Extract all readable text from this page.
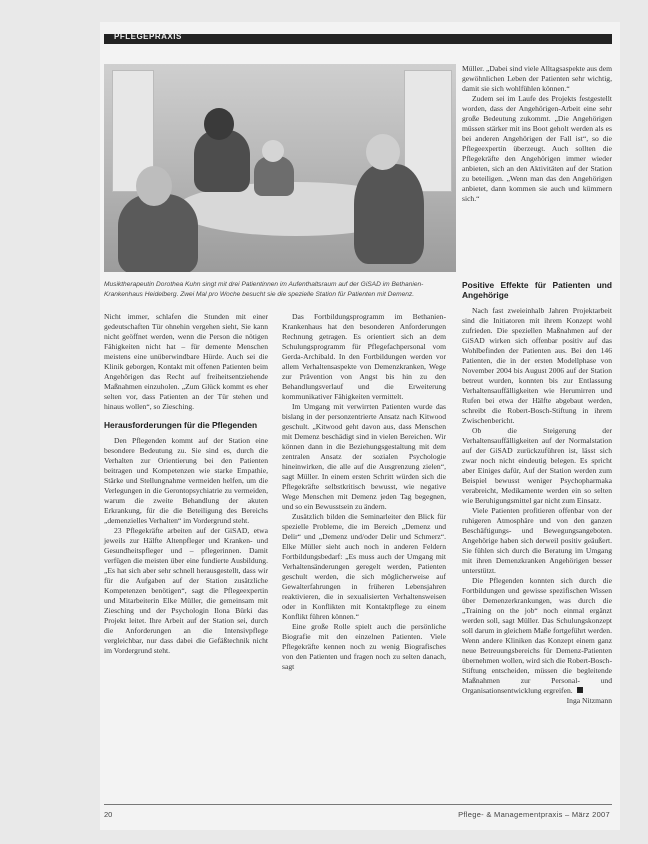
PFLEGEPRAXIS

Müller. „Dabei sind viele Alltagsaspekte aus dem gewöhnlichen Leben der Patienten sehr wichtig, damit sie sich wohlfühlen können.“

Zudem sei im Laufe des Projekts festgestellt worden, dass der Angehörigen-Arbeit eine sehr große Bedeutung zukommt. „Die Angehörigen müssen stärker mit ins Boot geholt werden als es bei anderen Angehörigen der Fall ist“, so die Pflegeexpertin überzeugt. Auch sollten die Pflegekräfte den Angehörigen immer wieder anbieten, sich an den Aktivitäten auf der Station zu beteiligen. „Wenn man das den Angehörigen anbietet, dann kommen sie auch und kümmern sich.“

Musiktherapeutin Dorothea Kuhn singt mit drei Patientinnen im Aufenthaltsraum auf der GiSAD im Bethanien-Krankenhaus Heidelberg. Zwei Mal pro Woche besucht sie die spezielle Station für Patienten mit Demenz.

Nicht immer, schlafen die Stunden mit einer gedeutschaften Tür ohnehin vergehen sieht, Sie kann nicht geöffnet werden, wenn die Person die nötigen Fähigkeiten nicht hat – für demente Menschen meistens eine unüberwindbare Hürde. Auch sei die Klinik geborgen, Kontakt mit offenen Patienten beim Angehörigen das Recht auf freiheitsentziehende Maßnahmen einzuholen. „Zum Glück kommt es eher selten vor, dass Patienten an der Tür stehen und hinaus wollen“, so Ziesching.

Herausforderungen für die Pflegenden

Den Pflegenden kommt auf der Station eine besondere Bedeutung zu. Sie sind es, durch die Verhalten zur Orientierung bei den Patienten beitragen und Kompetenzen wie starke Empathie, Stärke und Stellungnahme vermeiden helfen, um die Verlegungen in die Gerontopsychiatrie zu vermeiden, warum die zweite Behandlung der akuten Erkrankung, für die die Beteiligung des Bereichs „demenzielles Verhalten“ im Vordergrund steht.

23 Pflegekräfte arbeiten auf der GiSAD, etwa jeweils zur Hälfte Altenpfleger und Kranken- und Gesundheitspfleger und – pflegerinnen. Damit verfügen die meisten über eine fundierte Ausbildung. „Es hat sich aber sehr schnell herausgestellt, dass wir für die Aufgaben auf der Station zusätzliche Kompetenzen benötigen“, sagt die Pflegeexpertin und Mitarbeiterin Elke Müller, die gemeinsam mit Ziesching und der Psychologin Ilona Bürki das Projekt leitet. Ihre Arbeit auf der Station sei, durch die Anforderungen an die Intensivpflege vergleichbar, nur dass dabei die Gefäßtechnik nicht im Vordergrund steht.

Das Fortbildungsprogramm im Bethanien-Krankenhaus hat den besonderen Anforderungen Rechnung getragen. Es orientiert sich an dem Schulungsprogramm für Pflegefachpersonal vom Gerda-Archibald. In den Fortbildungen werden vor allem Verhaltensaspekte von Demenzkranken, Wege zur Prävention von Angst bis hin zu den Behandlungsverlauf und die Erweiterung kommunikativer Fähigkeiten vermittelt.

Im Umgang mit verwirrten Patienten wurde das bislang in der personzentrierte Ansatz nach Kitwood geschult. „Kitwood geht davon aus, dass Menschen mit Demenz beschädigt sind in vielen Bereichen. Wir können dann in die Beziehungsgestaltung mit dem zentralen Ansatz der sozialen Psychologie hineinwirken, die alle auf die Ausgrenzung zielen“, sagt Müller. In einem ersten Schritt würden sich die Pflegekräfte selbstkritisch bewusst, wie negative Wege Menschen mit Demenz jeden Tag begegnen, und so ein Bewusstsein zu ändern.

Zusätzlich bilden die Seminarleiter den Blick für spezielle Probleme, die im Bereich „Demenz und Delir“ und „Demenz und/oder Delir und Schmerz“. Elke Müller sieht auch noch in anderen Feldern Fortbildungsbedarf: „Es muss auch der Umgang mit Verhaltensänderungen geregelt werden, Patienten geschult werden, die sich möglicherweise auf Gewalterfahrungen in früheren Lebensjahren reaktivieren, die in sexualisierten Verhaltensweisen oder in Konflikten mit Kontaktpflege zu einem Konflikt führen können.“

Eine große Rolle spielt auch die persönliche Biografie mit den einzelnen Patienten. Viele Pflegekräfte kennen noch zu wenig Biografisches von den Patienten und fragen noch zu selten danach, sagt

Positive Effekte für Patienten und Angehörige

Nach fast zweieinhalb Jahren Projektarbeit sind die Initiatoren mit ihrem Konzept wohl zufrieden. Die speziellen Maßnahmen auf der GiSAD wirken sich offenbar positiv auf das Wohlbefinden der Patienten aus. Bei den 146 Patienten, die in der ersten Modellphase von November 2004 bis August 2006 auf der Station betreut wurden, konnten bis zur Entlassung Verhaltensauffälligkeiten wie Herumirren und Rufen bei etwa der Hälfte abgebaut werden, schreibt die Robert-Bosch-Stiftung in ihrem Zwischenbericht.

Ob die Steigerung der Verhaltensauffälligkeiten auf der Normalstation auf der GiSAD zurückzuführen ist, lässt sich zwar noch nicht eindeutig belegen. Es spricht aber Einiges dafür, Auf der Station werden zum Beispiel bewusst weniger Psychopharmaka verabreicht, Medikamente werden ein so selten wie Beruhigungsmittel gar nicht zum Einsatz.

Viele Patienten profitieren offenbar von der ruhigeren Atmosphäre und von den ganzen Beschäftigungs- und Bewegungsangeboten. Angehörige haben sich derweil positiv geäußert. Sie fühlen sich durch die Beratung im Umgang mit ihren Demenzkranken Angehörigen besser unterstützt.

Die Pflegenden konnten sich durch die Fortbildungen und gewisse spezifischen Wissen über Demenzerkrankungen, was durch die „Training on the job“ noch einmal ergänzt werden soll, sagt Müller. Das Schulungskonzept soll darum in gleichem Maße fortgeführt werden. Wenn andere Kliniken das Konzept einem ganz neue Betreuungsbereichs für Demenz-Patienten übernehmen wollen, wird sich die Robert-Bosch-Stiftung entscheiden, müssen die begleitende Maßnahmen zur Personal- und Organisationsentwicklung ergreifen.

Inga Nitzmann

20	Pflege- & Managementpraxis – März 2007
